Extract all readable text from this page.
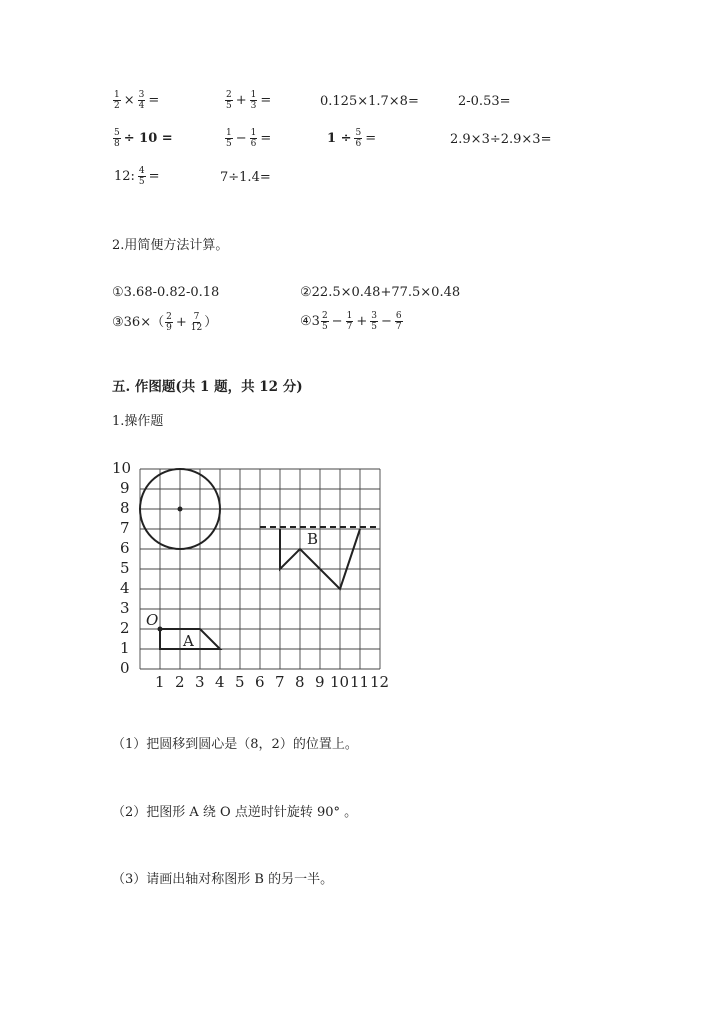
$\frac{1}{2} \times \frac{3}{4}$ =	$\frac{2}{5} + \frac{1}{3}$ =	0.125×1.7×8=	2-0.53=
$\frac{5}{8} \div 10$ =	$\frac{1}{5} - \frac{1}{6}$ =	$1 \div \frac{5}{6}$ =	2.9×3÷2.9×3=
12: $\frac{4}{5}$ =	7÷1.4=
2.用简便方法计算。
①3.68-0.82-0.18	②22.5×0.48+77.5×0.48
③36×（ $\frac{2}{9} + \frac{7}{12}$ ）	④3 $\frac{2}{5} - \frac{1}{7} + \frac{3}{5} - \frac{6}{7}$
五. 作图题(共 1 题，共 12 分)
1.操作题
10
9
8
7
6
5
4
3
2
1
0
1 2 3 4 5 6 7 8 9 10 11 12
O
A
B
（1）把圆移到圆心是（8，2）的位置上。
（2）把图形 A 绕 O 点逆时针旋转 90° 。
（3）请画出轴对称图形 B 的另一半。
